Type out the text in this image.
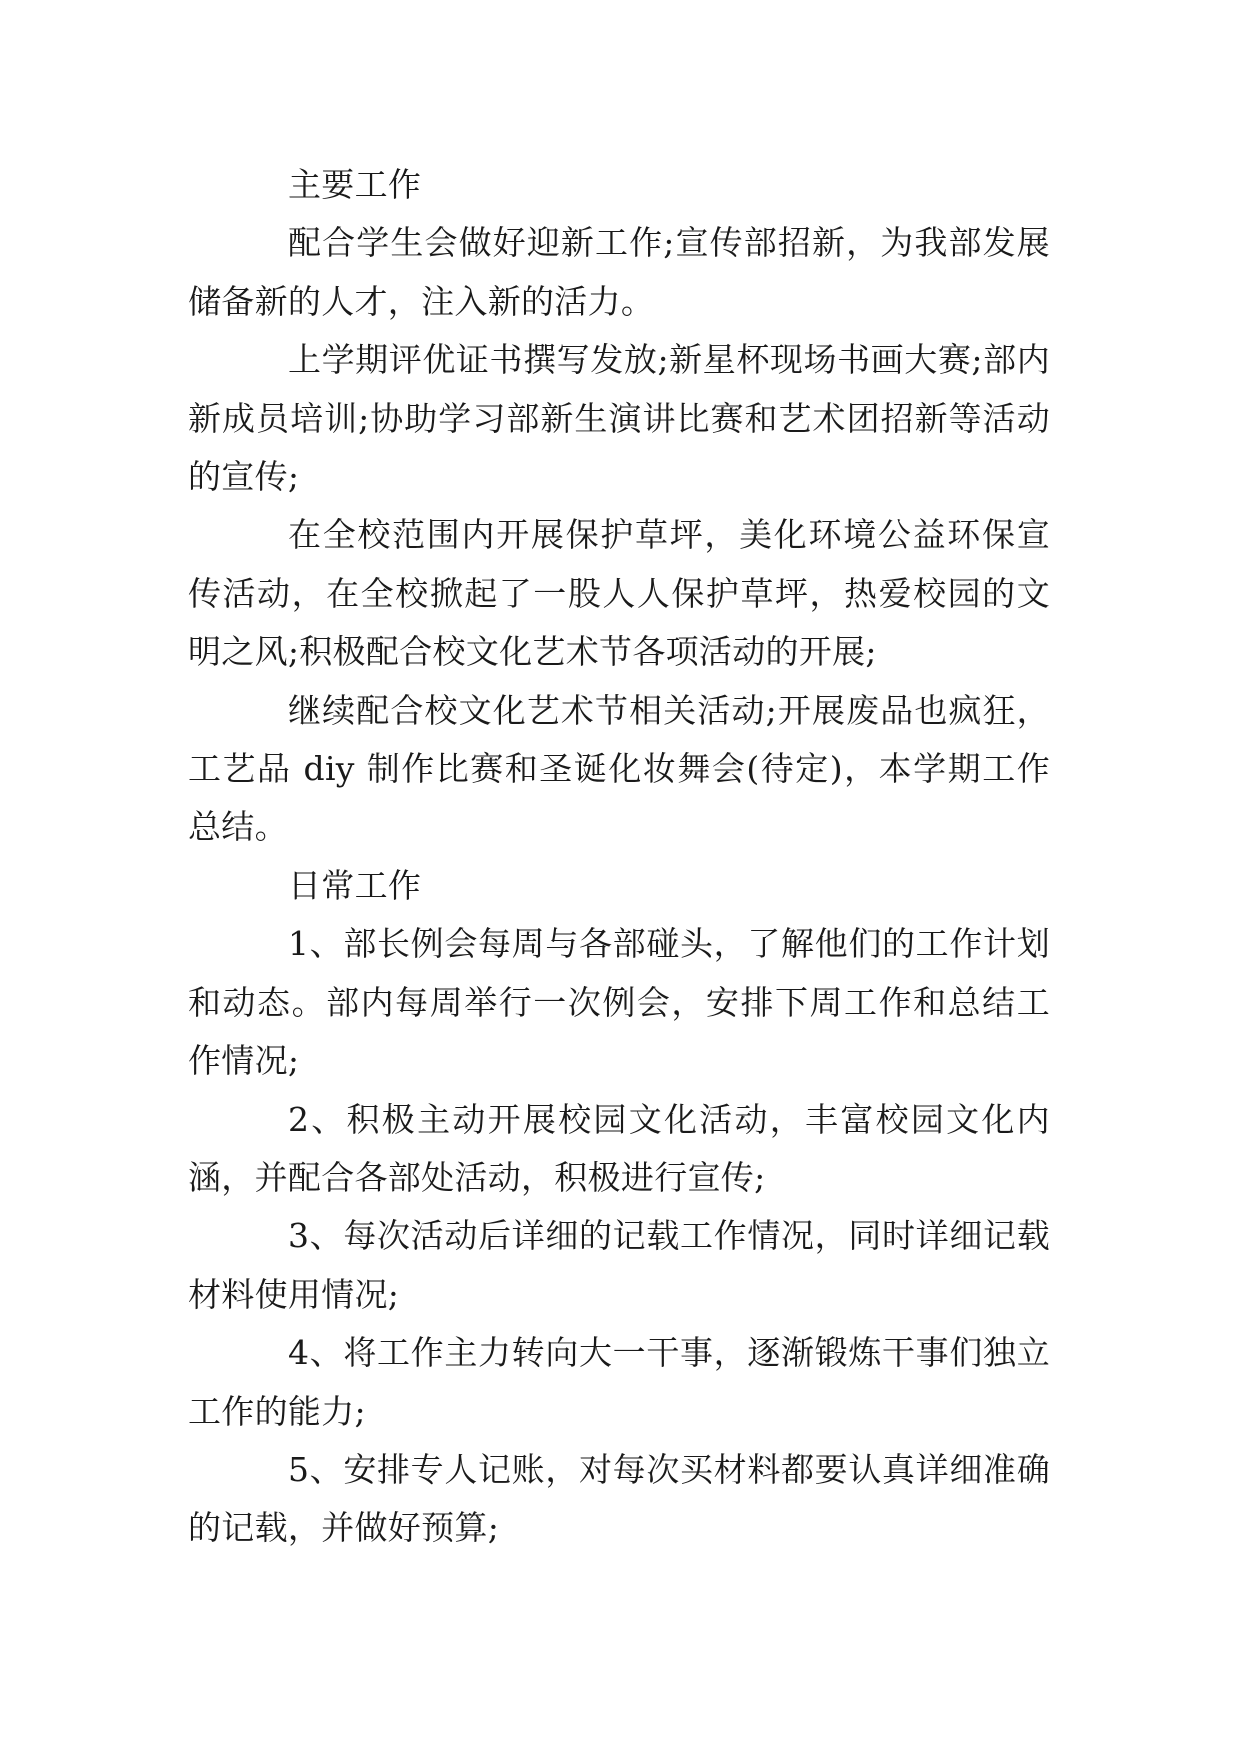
主要工作

配合学生会做好迎新工作;宣传部招新，为我部发展储备新的人才，注入新的活力。

上学期评优证书撰写发放;新星杯现场书画大赛;部内新成员培训;协助学习部新生演讲比赛和艺术团招新等活动的宣传;

在全校范围内开展保护草坪，美化环境公益环保宣传活动，在全校掀起了一股人人保护草坪，热爱校园的文明之风;积极配合校文化艺术节各项活动的开展;

继续配合校文化艺术节相关活动;开展废品也疯狂，工艺品 diy 制作比赛和圣诞化妆舞会(待定)，本学期工作总结。

日常工作

1、部长例会每周与各部碰头，了解他们的工作计划和动态。部内每周举行一次例会，安排下周工作和总结工作情况;

2、积极主动开展校园文化活动，丰富校园文化内涵，并配合各部处活动，积极进行宣传;

3、每次活动后详细的记载工作情况，同时详细记载材料使用情况;

4、将工作主力转向大一干事，逐渐锻炼干事们独立工作的能力;

5、安排专人记账，对每次买材料都要认真详细准确的记载，并做好预算;
